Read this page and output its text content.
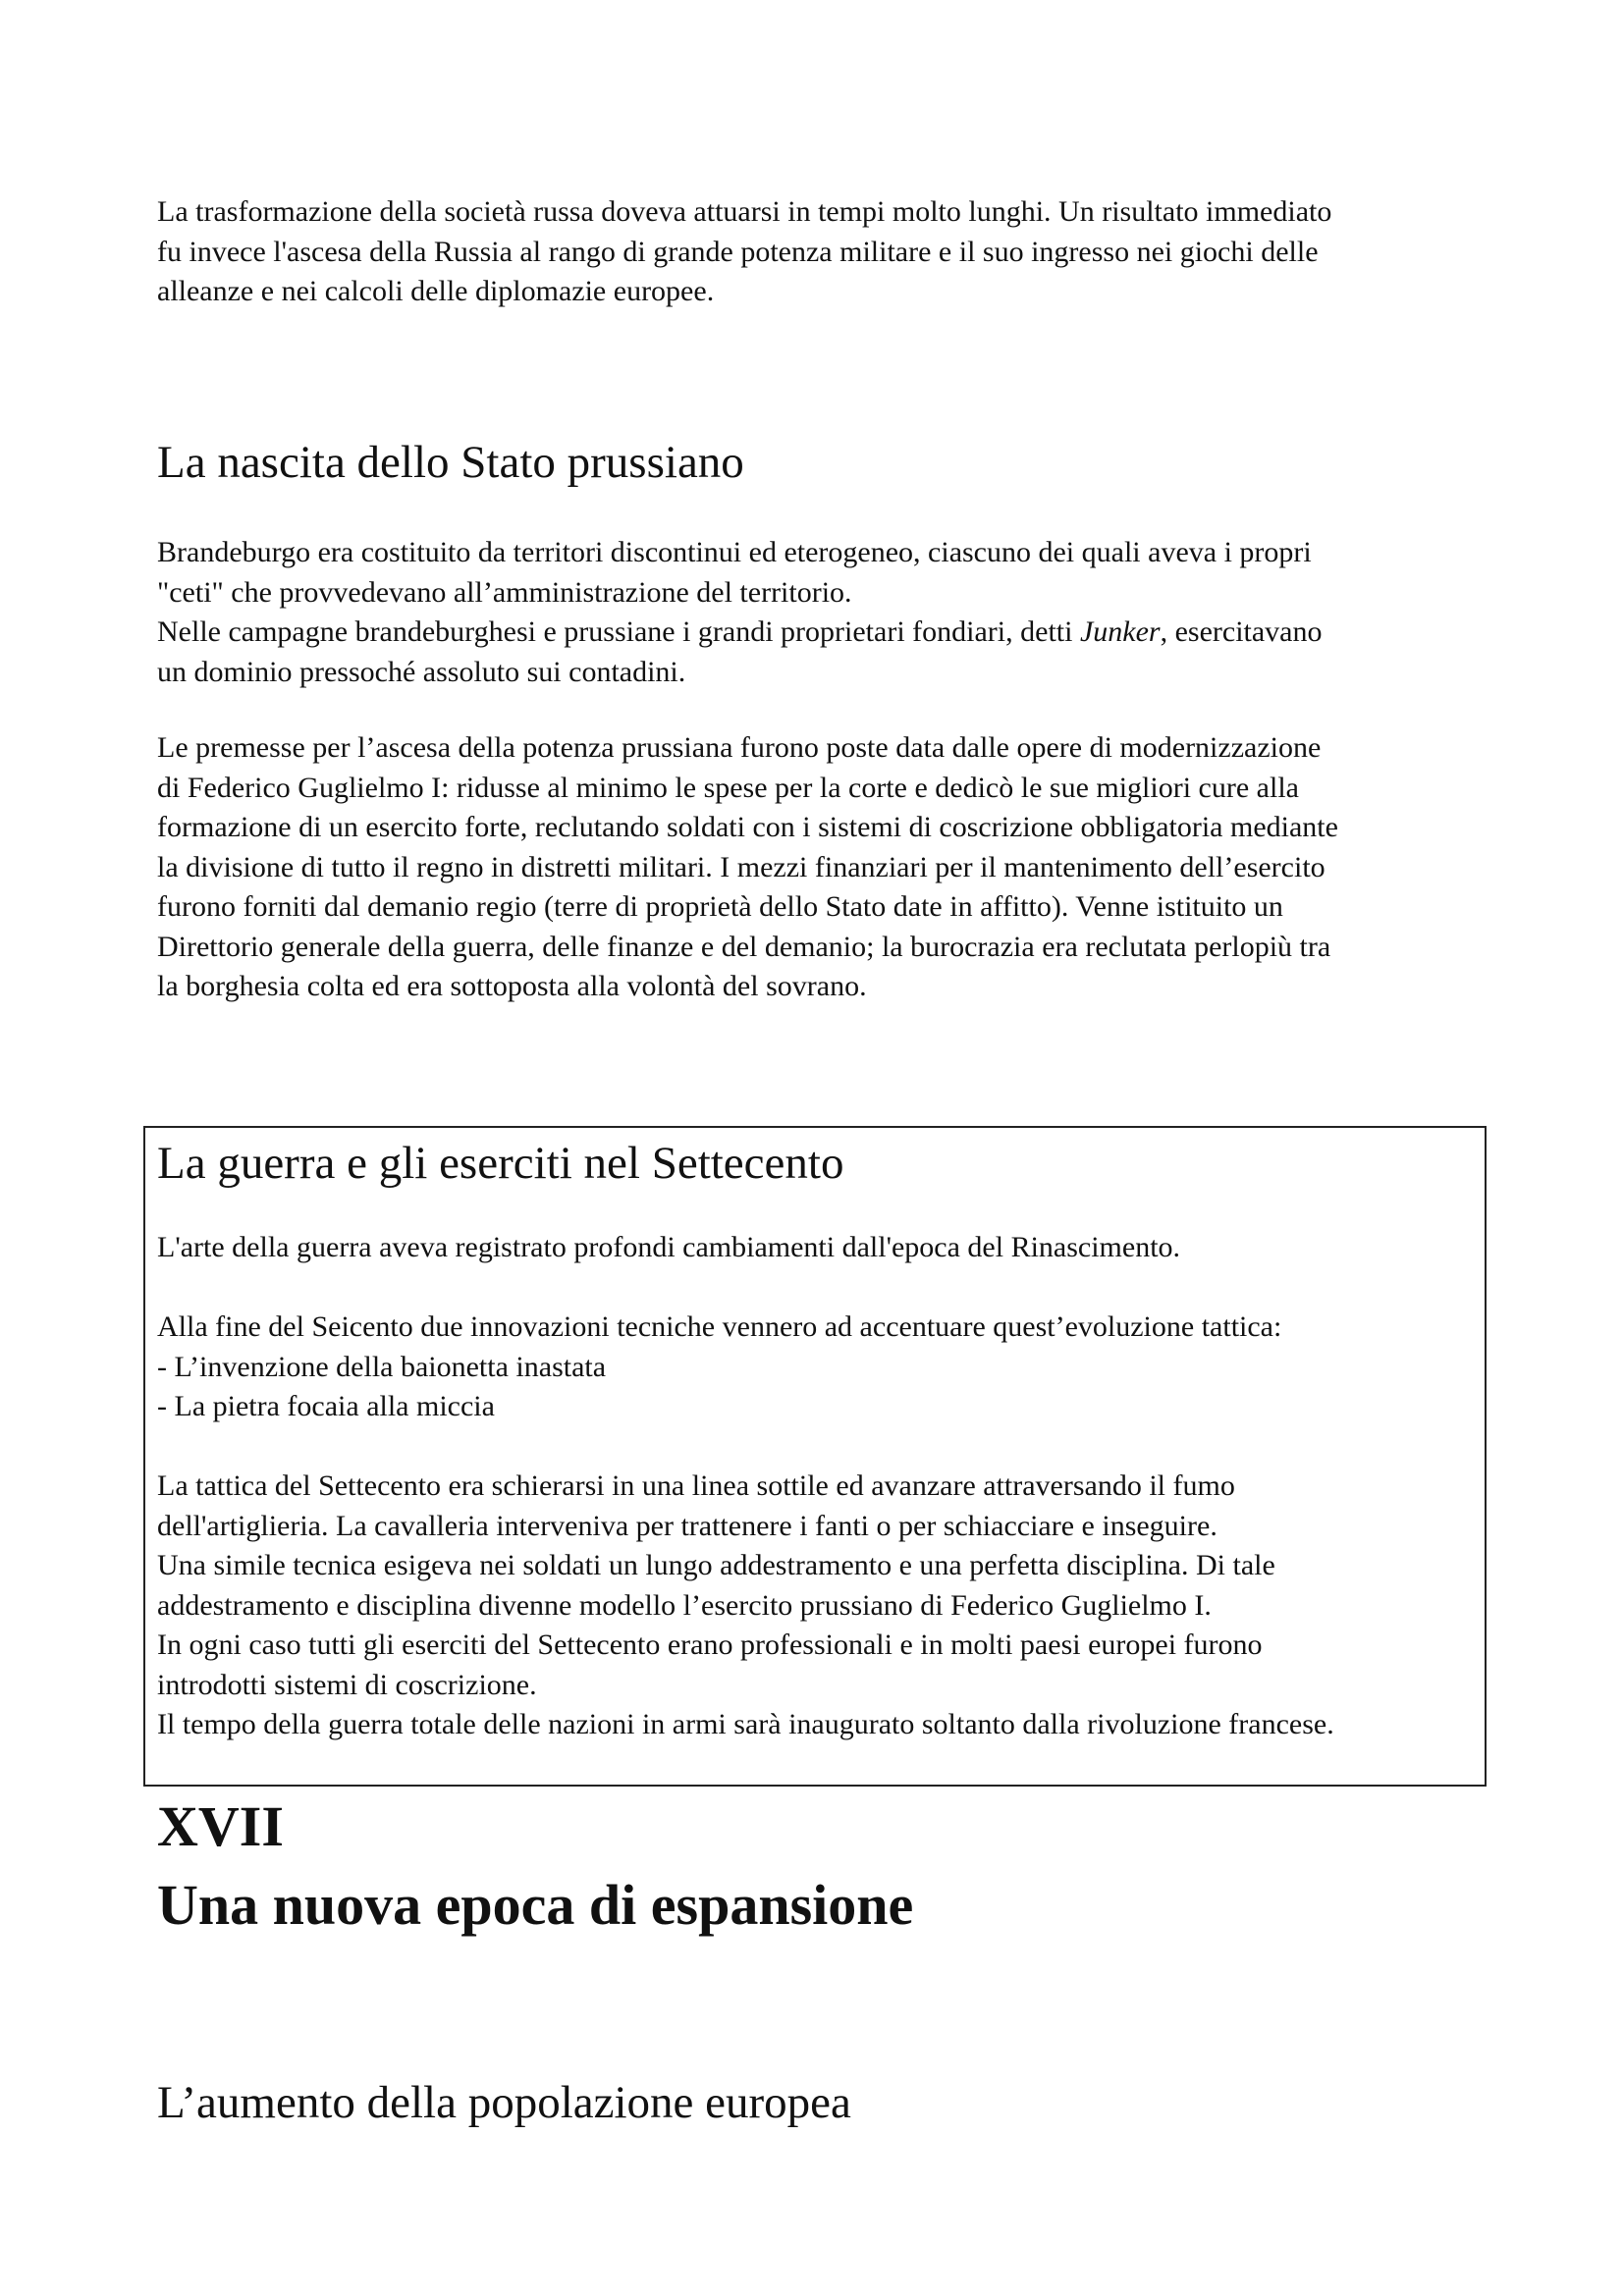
La trasformazione della società russa doveva attuarsi in tempi molto lunghi. Un risultato immediato

fu invece l'ascesa della Russia al rango di grande potenza militare e il suo ingresso nei giochi delle

alleanze e nei calcoli delle diplomazie europee.

La nascita dello Stato prussiano

Brandeburgo era costituito da territori discontinui ed eterogeneo, ciascuno dei quali aveva i propri

"ceti" che provvedevano all’amministrazione del territorio.

Nelle campagne brandeburghesi e prussiane i grandi proprietari fondiari, detti Junker, esercitavano

un dominio pressoché assoluto sui contadini.

Le premesse per l’ascesa della potenza prussiana furono poste data dalle opere di modernizzazione

di Federico Guglielmo I: ridusse al minimo le spese per la corte e dedicò le sue migliori cure alla

formazione di un esercito forte, reclutando soldati con i sistemi di coscrizione obbligatoria mediante

la divisione di tutto il regno in distretti militari. I mezzi finanziari per il mantenimento dell’esercito

furono forniti dal demanio regio (terre di proprietà dello Stato date in affitto). Venne istituito un

Direttorio generale della guerra, delle finanze e del demanio; la burocrazia era reclutata perlopiù tra

la borghesia colta ed era sottoposta alla volontà del sovrano.

La guerra e gli eserciti nel Settecento

L'arte della guerra aveva registrato profondi cambiamenti dall'epoca del Rinascimento.

Alla fine del Seicento due innovazioni tecniche vennero ad accentuare quest’evoluzione tattica:

- L’invenzione della baionetta inastata

- La pietra focaia alla miccia

La tattica del Settecento era schierarsi in una linea sottile ed avanzare attraversando il fumo

dell'artiglieria. La cavalleria interveniva per trattenere i fanti o per schiacciare e inseguire.

Una simile tecnica esigeva nei soldati un lungo addestramento e una perfetta disciplina. Di tale

addestramento e disciplina divenne modello l’esercito prussiano di Federico Guglielmo I.

In ogni caso tutti gli eserciti del Settecento erano professionali e in molti paesi europei furono

introdotti sistemi di coscrizione.

Il tempo della guerra totale delle nazioni in armi sarà inaugurato soltanto dalla rivoluzione francese.

XVII
Una nuova epoca di espansione
L’aumento della popolazione europea
